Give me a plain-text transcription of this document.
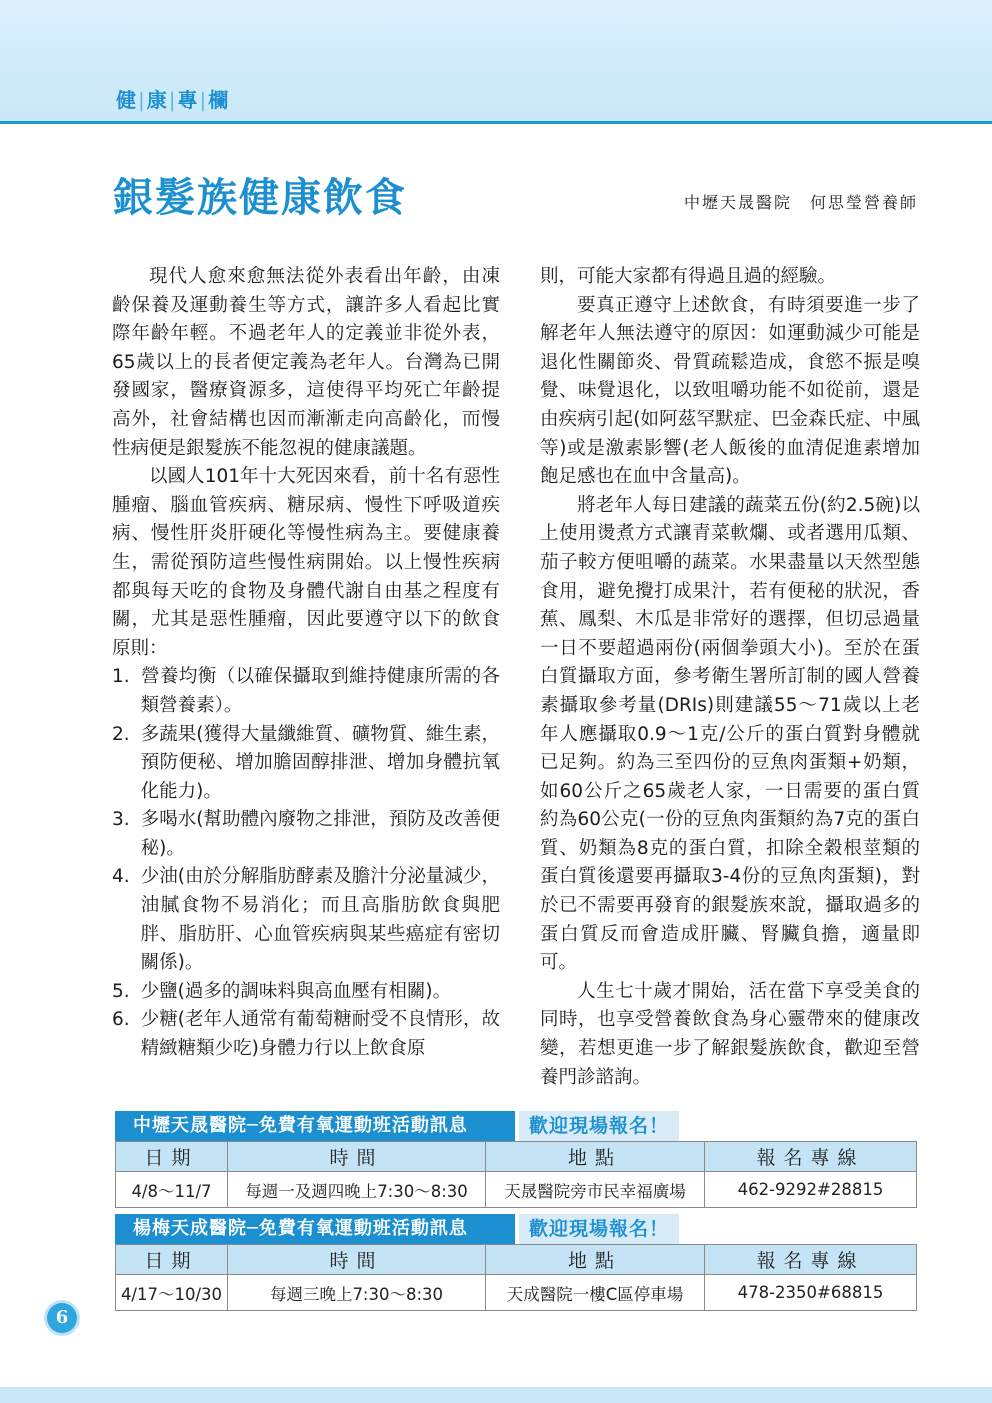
健|康|專|欄
銀髮族健康飲食	中壢天晟醫院　何思瑩營養師

現代人愈來愈無法從外表看出年齡，由凍齡保養及運動養生等方式，讓許多人看起比實際年齡年輕。不過老年人的定義並非從外表，65歲以上的長者便定義為老年人。台灣為已開發國家，醫療資源多，這使得平均死亡年齡提高外，社會結構也因而漸漸走向高齡化，而慢性病便是銀髮族不能忽視的健康議題。

以國人101年十大死因來看，前十名有惡性腫瘤、腦血管疾病、糖尿病、慢性下呼吸道疾病、慢性肝炎肝硬化等慢性病為主。要健康養生，需從預防這些慢性病開始。以上慢性疾病都與每天吃的食物及身體代謝自由基之程度有關，尤其是惡性腫瘤，因此要遵守以下的飲食原則：

1. 營養均衡（以確保攝取到維持健康所需的各類營養素）。
2. 多蔬果(獲得大量纖維質、礦物質、維生素，預防便秘、增加膽固醇排泄、增加身體抗氧化能力)。
3. 多喝水(幫助體內廢物之排泄，預防及改善便秘)。
4. 少油(由於分解脂肪酵素及膽汁分泌量減少，油膩食物不易消化；而且高脂肪飲食與肥胖、脂肪肝、心血管疾病與某些癌症有密切關係)。
5. 少鹽(過多的調味料與高血壓有相關)。
6. 少糖(老年人通常有葡萄糖耐受不良情形，故精緻糖類少吃)身體力行以上飲食原

則，可能大家都有得過且過的經驗。

要真正遵守上述飲食，有時須要進一步了解老年人無法遵守的原因：如運動減少可能是退化性關節炎、骨質疏鬆造成，食慾不振是嗅覺、味覺退化，以致咀嚼功能不如從前，還是由疾病引起(如阿茲罕默症、巴金森氏症、中風等)或是激素影響(老人飯後的血清促進素增加飽足感也在血中含量高)。

將老年人每日建議的蔬菜五份(約2.5碗)以上使用燙煮方式讓青菜軟爛、或者選用瓜類、茄子較方便咀嚼的蔬菜。水果盡量以天然型態食用，避免攪打成果汁，若有便秘的狀況，香蕉、鳳梨、木瓜是非常好的選擇，但切忌過量一日不要超過兩份(兩個拳頭大小)。至於在蛋白質攝取方面，參考衛生署所訂制的國人營養素攝取參考量(DRIs)則建議55～71歲以上老年人應攝取0.9～1克/公斤的蛋白質對身體就已足夠。約為三至四份的豆魚肉蛋類+奶類，如60公斤之65歲老人家，一日需要的蛋白質約為60公克(一份的豆魚肉蛋類約為7克的蛋白質、奶類為8克的蛋白質，扣除全穀根莖類的蛋白質後還要再攝取3-4份的豆魚肉蛋類)，對於已不需要再發育的銀髮族來說，攝取過多的蛋白質反而會造成肝臟、腎臟負擔，適量即可。

人生七十歲才開始，活在當下享受美食的同時，也享受營養飲食為身心靈帶來的健康改變，若想更進一步了解銀髮族飲食，歡迎至營養門診諮詢。

中壢天晟醫院─免費有氧運動班活動訊息	歡迎現場報名！
日期	時間	地點	報名專線
4/8～11/7	每週一及週四晚上7:30～8:30	天晟醫院旁市民幸福廣場	462-9292#28815
楊梅天成醫院─免費有氧運動班活動訊息	歡迎現場報名！
日期	時間	地點	報名專線
4/17～10/30	每週三晚上7:30～8:30	天成醫院一樓C區停車場	478-2350#68815
6
